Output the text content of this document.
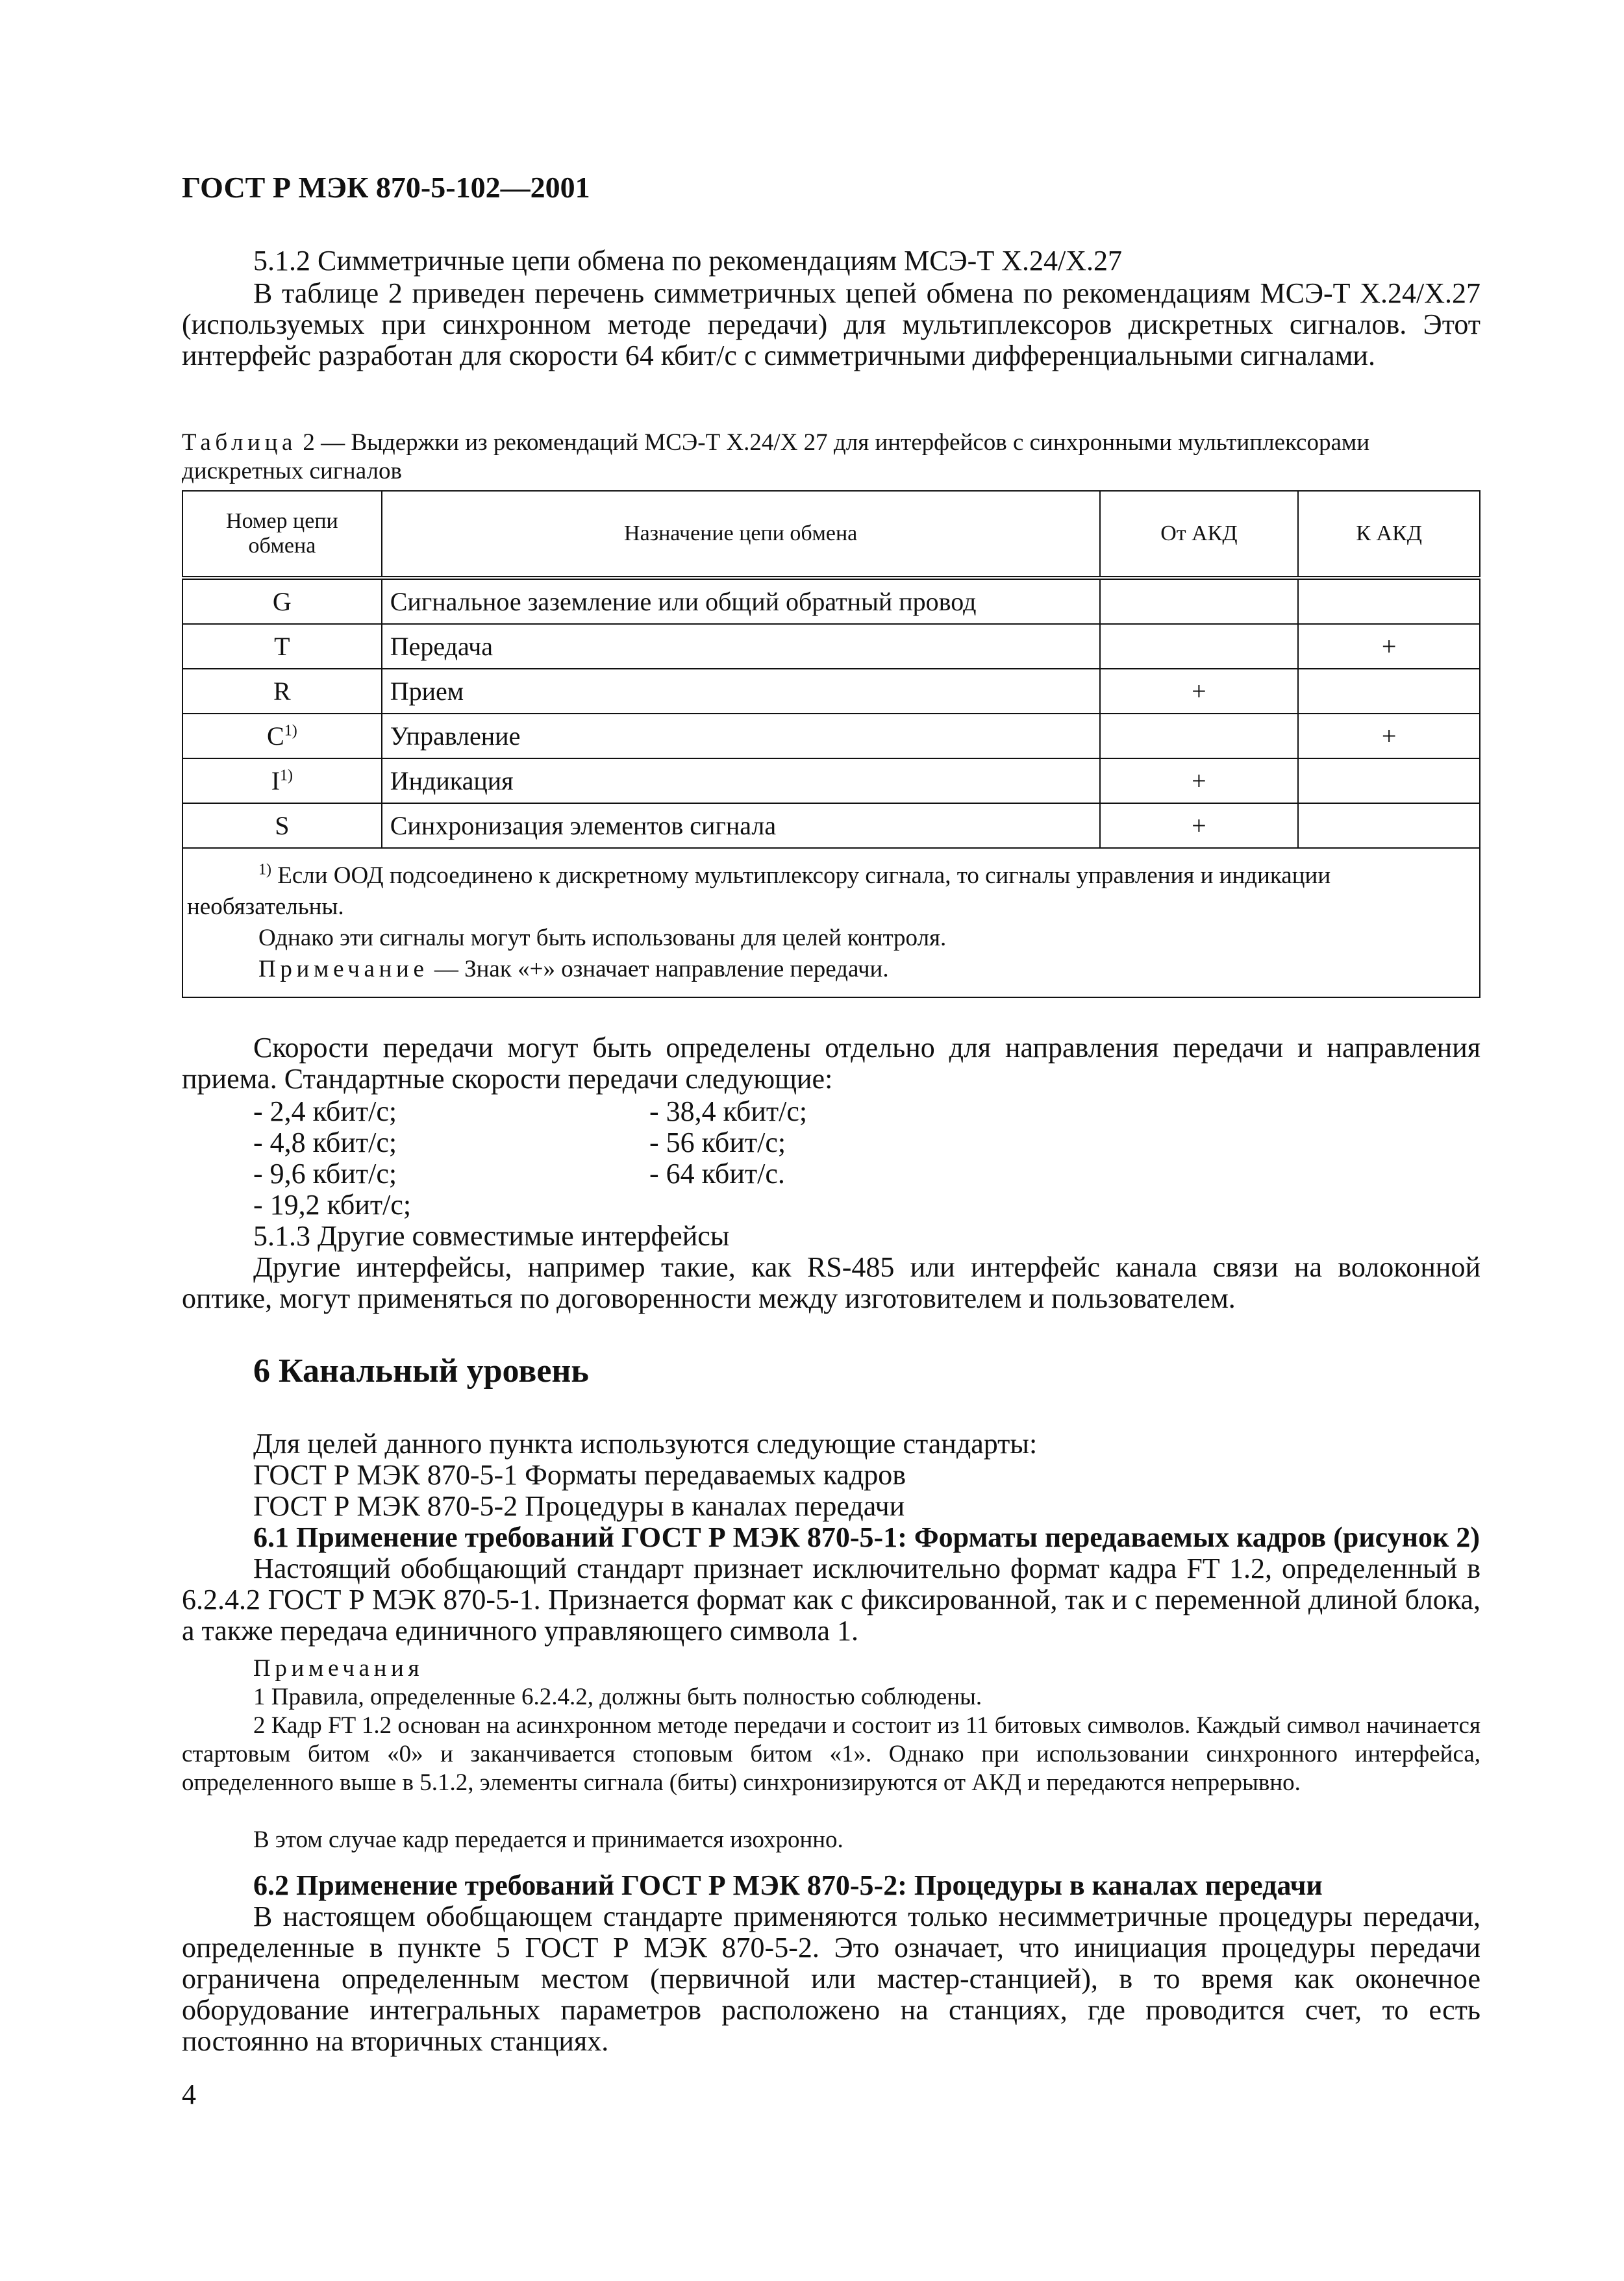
ГОСТ Р МЭК 870-5-102—2001
5.1.2 Симметричные цепи обмена по рекомендациям МСЭ-Т Х.24/Х.27
В таблице 2 приведен перечень симметричных цепей обмена по рекомендациям МСЭ-Т Х.24/Х.27 (используемых при синхронном методе передачи) для мультиплексоров дискретных сигналов. Этот интерфейс разработан для скорости 64 кбит/с с симметричными дифференциальными сигналами.
Таблица 2 — Выдержки из рекомендаций МСЭ-Т Х.24/Х 27 для интерфейсов с синхронными мультиплексорами дискретных сигналов
Номер цепи обмена	Назначение цепи обмена	От АКД	К АКД
G	Сигнальное заземление или общий обратный провод		
T	Передача		+
R	Прием	+	
$C^{1)}$	Управление		+
$I^{1)}$	Индикация	+	
S	Синхронизация элементов сигнала	+	

$^{1)}$ Если ООД подсоединено к дискретному мультиплексору сигнала, то сигналы управления и индикации необязательны.
Однако эти сигналы могут быть использованы для целей контроля.
Примечание — Знак «+» означает направление передачи.			
Скорости передачи могут быть определены отдельно для направления передачи и направления приема. Стандартные скорости передачи следующие:
- 2,4 кбит/с;
- 4,8 кбит/с;
- 9,6 кбит/с;
- 19,2 кбит/с;
- 38,4 кбит/с;
- 56 кбит/с;
- 64 кбит/с.
5.1.3 Другие совместимые интерфейсы
Другие интерфейсы, например такие, как RS-485 или интерфейс канала связи на волоконной оптике, могут применяться по договоренности между изготовителем и пользователем.
6 Канальный уровень
Для целей данного пункта используются следующие стандарты:
ГОСТ Р МЭК 870-5-1 Форматы передаваемых кадров
ГОСТ Р МЭК 870-5-2 Процедуры в каналах передачи
6.1 Применение требований ГОСТ Р МЭК 870-5-1: Форматы передаваемых кадров (рисунок 2)
Настоящий обобщающий стандарт признает исключительно формат кадра FT 1.2, определенный в 6.2.4.2 ГОСТ Р МЭК 870-5-1. Признается формат как с фиксированной, так и с переменной длиной блока, а также передача единичного управляющего символа 1.
Примечания
1 Правила, определенные 6.2.4.2, должны быть полностью соблюдены.
2 Кадр FT 1.2 основан на асинхронном методе передачи и состоит из 11 битовых символов. Каждый символ начинается стартовым битом «0» и заканчивается стоповым битом «1». Однако при использовании синхронного интерфейса, определенного выше в 5.1.2, элементы сигнала (биты) синхронизируются от АКД и передаются непрерывно.
В этом случае кадр передается и принимается изохронно.
6.2 Применение требований ГОСТ Р МЭК 870-5-2: Процедуры в каналах передачи
В настоящем обобщающем стандарте применяются только несимметричные процедуры передачи, определенные в пункте 5 ГОСТ Р МЭК 870-5-2. Это означает, что инициация процедуры передачи ограничена определенным местом (первичной или мастер-станцией), в то время как оконечное оборудование интегральных параметров расположено на станциях, где проводится счет, то есть постоянно на вторичных станциях.
4
